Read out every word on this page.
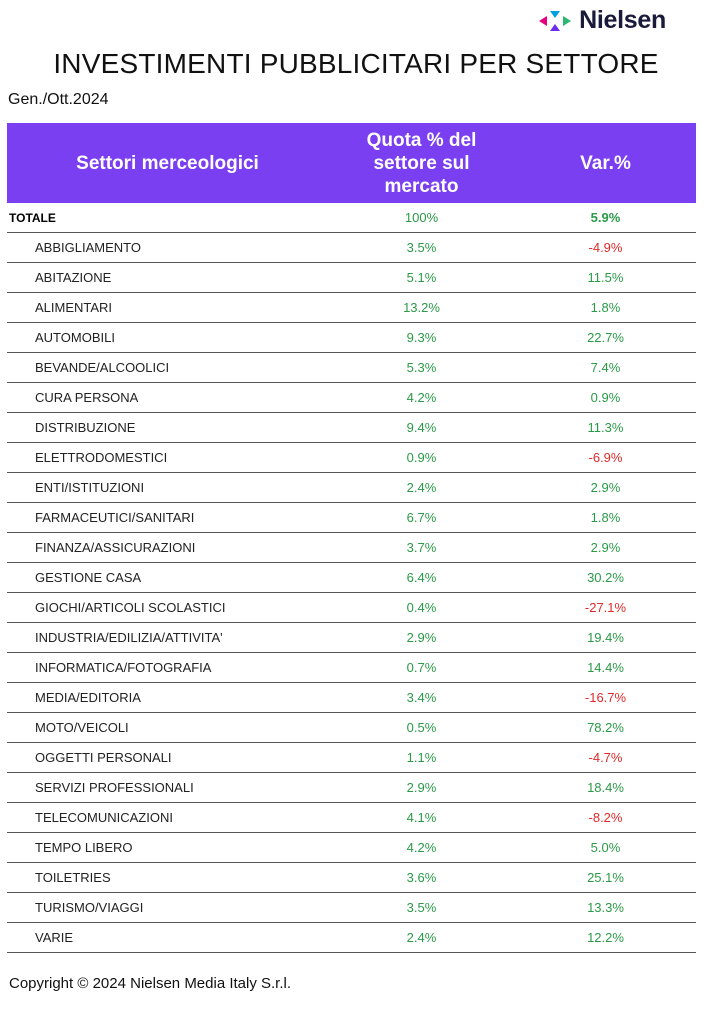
Nielsen
INVESTIMENTI PUBBLICITARI PER SETTORE
Gen./Ott.2024
Settori merceologici	Quota % del settore sul mercato	Var.%
TOTALE	100%	5.9%
ABBIGLIAMENTO	3.5%	-4.9%
ABITAZIONE	5.1%	11.5%
ALIMENTARI	13.2%	1.8%
AUTOMOBILI	9.3%	22.7%
BEVANDE/ALCOOLICI	5.3%	7.4%
CURA PERSONA	4.2%	0.9%
DISTRIBUZIONE	9.4%	11.3%
ELETTRODOMESTICI	0.9%	-6.9%
ENTI/ISTITUZIONI	2.4%	2.9%
FARMACEUTICI/SANITARI	6.7%	1.8%
FINANZA/ASSICURAZIONI	3.7%	2.9%
GESTIONE CASA	6.4%	30.2%
GIOCHI/ARTICOLI SCOLASTICI	0.4%	-27.1%
INDUSTRIA/EDILIZIA/ATTIVITA'	2.9%	19.4%
INFORMATICA/FOTOGRAFIA	0.7%	14.4%
MEDIA/EDITORIA	3.4%	-16.7%
MOTO/VEICOLI	0.5%	78.2%
OGGETTI PERSONALI	1.1%	-4.7%
SERVIZI PROFESSIONALI	2.9%	18.4%
TELECOMUNICAZIONI	4.1%	-8.2%
TEMPO LIBERO	4.2%	5.0%
TOILETRIES	3.6%	25.1%
TURISMO/VIAGGI	3.5%	13.3%
VARIE	2.4%	12.2%
Copyright © 2024 Nielsen Media Italy S.r.l.
